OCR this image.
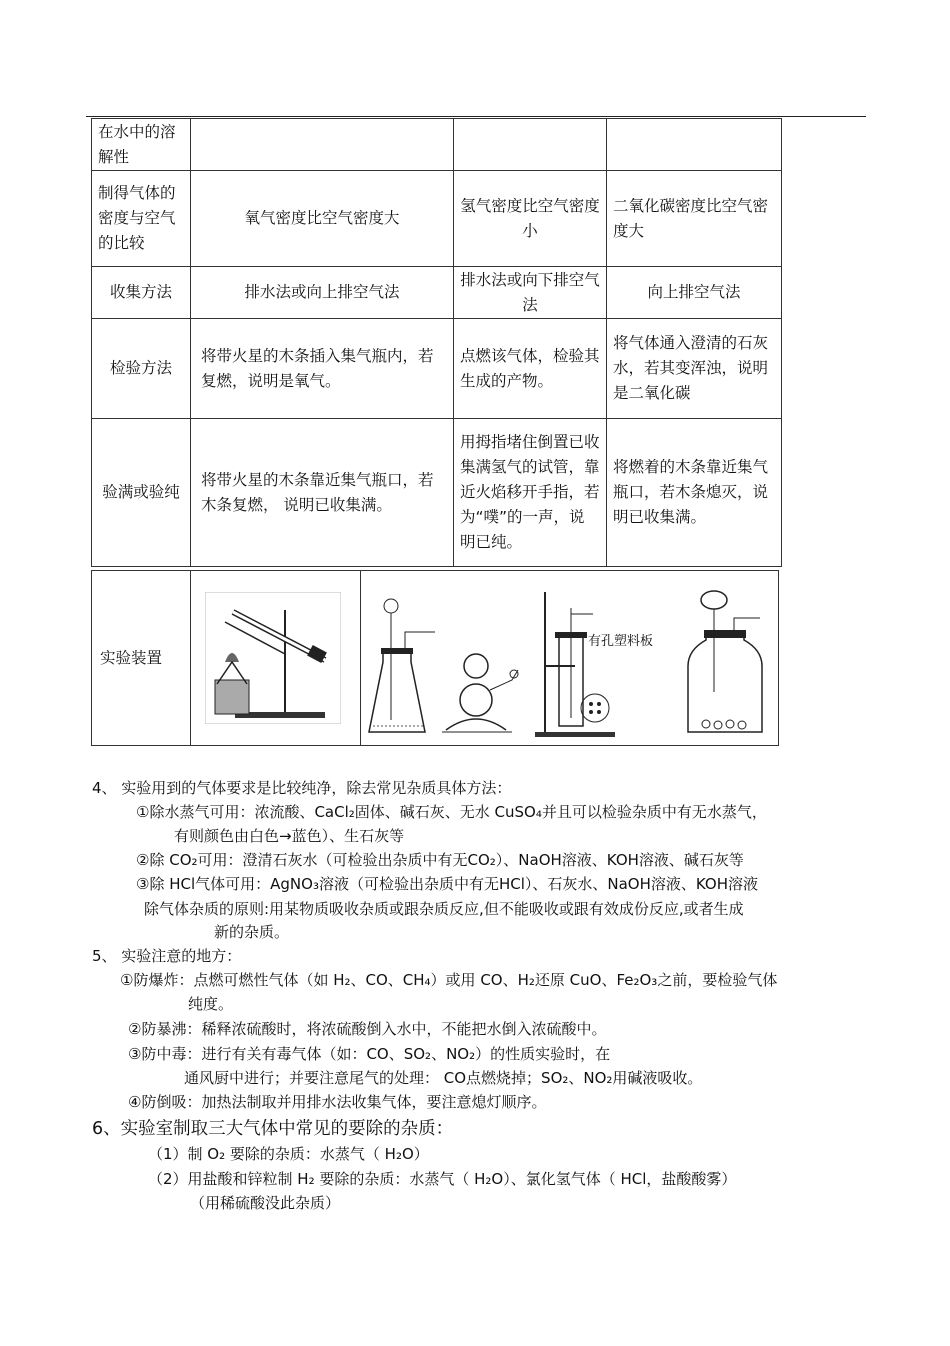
在水中的溶解性			
制得气体的密度与空气的比较	氧气密度比空气密度大	氢气密度比空气密度小	二氧化碳密度比空气密度大
收集方法	排水法或向上排空气法	排水法或向下排空气法	向上排空气法
检验方法	将带火星的木条插入集气瓶内，若复燃，说明是氧气。	点燃该气体，检验其生成的产物。	将气体通入澄清的石灰水，若其变浑浊，说明是二氧化碳
验满或验纯	将带火星的木条靠近集气瓶口，若木条复燃， 说明已收集满。	用拇指堵住倒置已收集满氢气的试管，靠近火焰移开手指，若为“噗”的一声，说明已纯。	将燃着的木条靠近集气瓶口，若木条熄灭，说明已收集满。
实验装置
有孔塑料板
4、 实验用到的气体要求是比较纯净，除去常见杂质具体方法：
①除水蒸气可用：浓流酸、CaCl₂固体、碱石灰、无水 CuSO₄并且可以检验杂质中有无水蒸气，
有则颜色由白色→蓝色）、生石灰等
②除 CO₂可用：澄清石灰水（可检验出杂质中有无CO₂）、NaOH溶液、KOH溶液、碱石灰等
③除 HCl气体可用：AgNO₃溶液（可检验出杂质中有无HCl）、石灰水、NaOH溶液、KOH溶液
除气体杂质的原则:用某物质吸收杂质或跟杂质反应,但不能吸收或跟有效成份反应,或者生成
新的杂质。
5、 实验注意的地方：
①防爆炸：点燃可燃性气体（如 H₂、CO、CH₄）或用 CO、H₂还原 CuO、Fe₂O₃之前，要检验气体
纯度。
②防暴沸：稀释浓硫酸时，将浓硫酸倒入水中，不能把水倒入浓硫酸中。
③防中毒：进行有关有毒气体（如：CO、SO₂、NO₂）的性质实验时，在
通风厨中进行；并要注意尾气的处理： CO点燃烧掉；SO₂、NO₂用碱液吸收。
④防倒吸：加热法制取并用排水法收集气体，要注意熄灯顺序。
6、实验室制取三大气体中常见的要除的杂质：
（1）制 O₂ 要除的杂质：水蒸气（ H₂O）
（2）用盐酸和锌粒制 H₂ 要除的杂质：水蒸气（ H₂O）、氯化氢气体（ HCl，盐酸酸雾）
（用稀硫酸没此杂质）
